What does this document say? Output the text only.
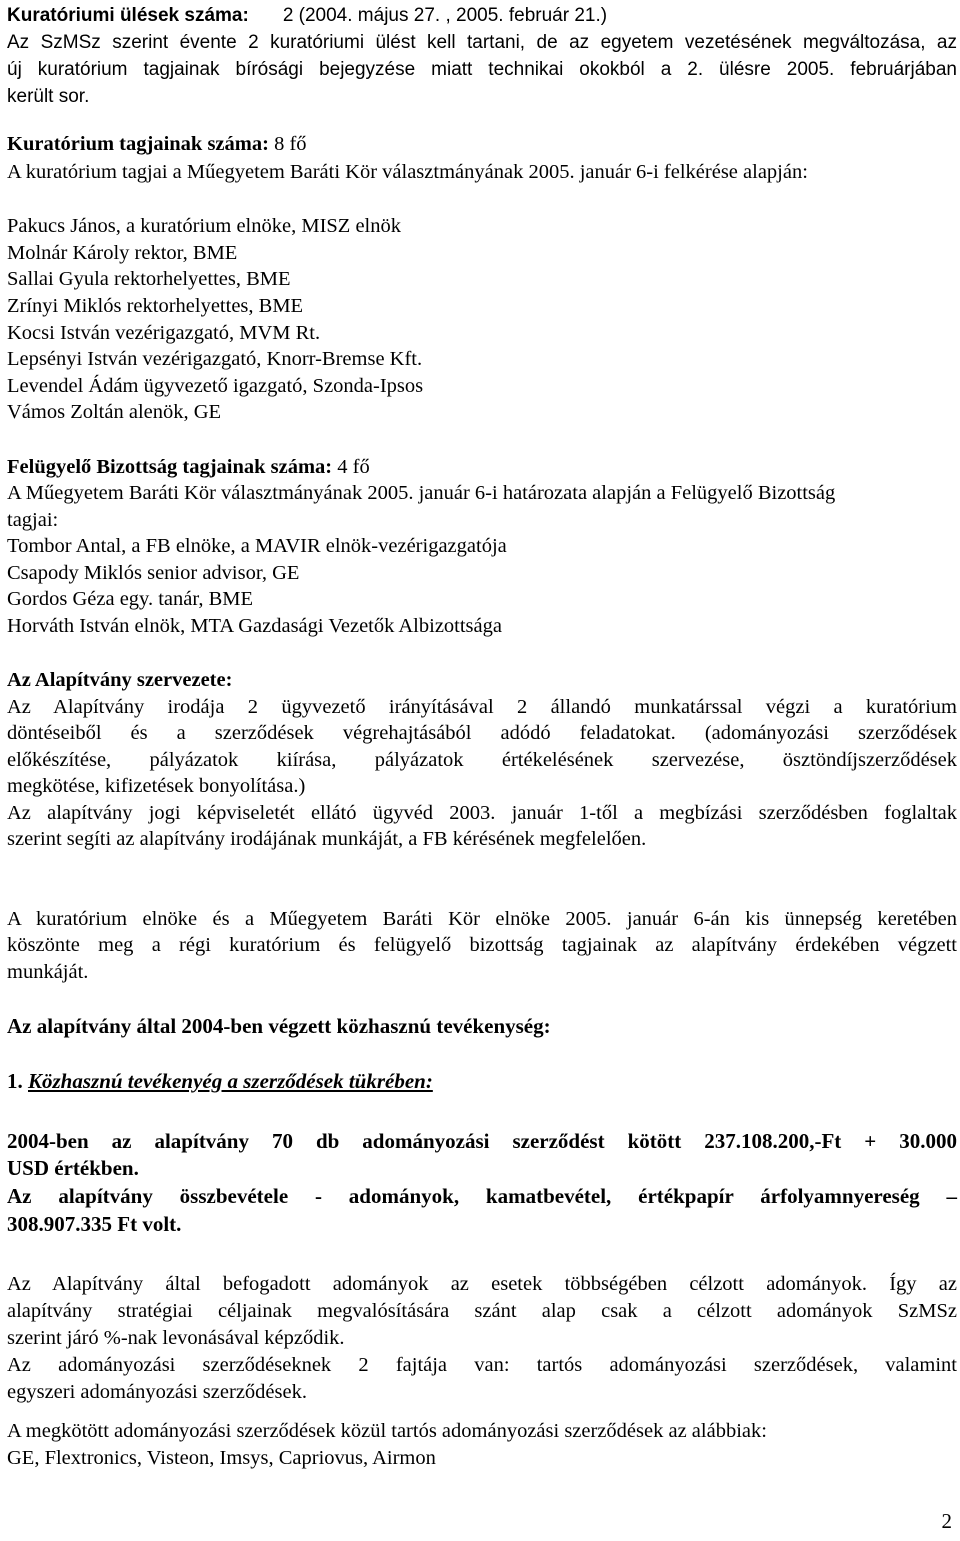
Kuratóriumi ülések száma: 2 (2004. május 27. , 2005. február 21.)
Az SzMSz szerint évente 2 kuratóriumi ülést kell tartani, de az egyetem vezetésének megváltozása, az
új kuratórium tagjainak bírósági bejegyzése miatt technikai okokból a 2. ülésre 2005. februárjában
került sor.
Kuratórium tagjainak száma: 8 fő
A kuratórium tagjai a Műegyetem Baráti Kör választmányának 2005. január 6-i felkérése alapján:
Pakucs János, a kuratórium elnöke, MISZ elnök
Molnár Károly rektor, BME
Sallai Gyula rektorhelyettes, BME
Zrínyi Miklós rektorhelyettes, BME
Kocsi István vezérigazgató, MVM Rt.
Lepsényi István vezérigazgató, Knorr-Bremse Kft.
Levendel Ádám ügyvezető igazgató, Szonda-Ipsos
Vámos Zoltán alenök, GE
Felügyelő Bizottság tagjainak száma: 4 fő
A Műegyetem Baráti Kör választmányának 2005. január 6-i határozata alapján a Felügyelő Bizottság
tagjai:
Tombor Antal, a FB elnöke, a MAVIR elnök-vezérigazgatója
Csapody Miklós senior advisor, GE
Gordos Géza egy. tanár, BME
Horváth István elnök, MTA Gazdasági Vezetők Albizottsága
Az Alapítvány szervezete:
Az Alapítvány irodája 2 ügyvezető irányításával 2 állandó munkatárssal végzi a kuratórium
döntéseiből és a szerződések végrehajtásából adódó feladatokat. (adományozási szerződések
előkészítése, pályázatok kiírása, pályázatok értékelésének szervezése, ösztöndíjszerződések
megkötése, kifizetések bonyolítása.)
Az alapítvány jogi képviseletét ellátó ügyvéd 2003. január 1-től a megbízási szerződésben foglaltak
szerint segíti az alapítvány irodájának munkáját, a FB kérésének megfelelően.
A kuratórium elnöke és a Műegyetem Baráti Kör elnöke 2005. január 6-án kis ünnepség keretében
köszönte meg a régi kuratórium és felügyelő bizottság tagjainak az alapítvány érdekében végzett
munkáját.
Az alapítvány által 2004-ben végzett közhasznú tevékenység:
1. Közhasznú tevékenyég a szerződések tükrében:
2004-ben az alapítvány 70 db adományozási szerződést kötött 237.108.200,-Ft + 30.000
USD értékben.
Az alapítvány összbevétele - adományok, kamatbevétel, értékpapír árfolyamnyereség –
308.907.335 Ft volt.
Az Alapítvány által befogadott adományok az esetek többségében célzott adományok. Így az
alapítvány stratégiai céljainak megvalósítására szánt alap csak a célzott adományok SzMSz
szerint járó %-nak levonásával képződik.
Az adományozási szerződéseknek 2 fajtája van: tartós adományozási szerződések, valamint
egyszeri adományozási szerződések.
A megkötött adományozási szerződések közül tartós adományozási szerződések az alábbiak:
GE, Flextronics, Visteon, Imsys, Capriovus, Airmon
2
